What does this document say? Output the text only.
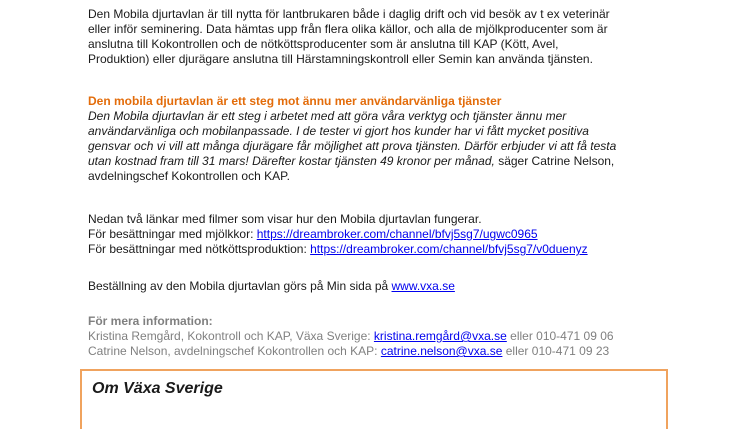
Den Mobila djurtavlan är till nytta för lantbrukaren både i daglig drift och vid besök av t ex veterinär

eller inför seminering. Data hämtas upp från flera olika källor, och alla de mjölkproducenter som är

anslutna till Kokontrollen och de nötköttsproducenter som är anslutna till KAP (Kött, Avel,

Produktion) eller djurägare anslutna till Härstamningskontroll eller Semin kan använda tjänsten.

Den mobila djurtavlan är ett steg mot ännu mer användarvänliga tjänster

Den Mobila djurtavlan är ett steg i arbetet med att göra våra verktyg och tjänster ännu mer

användarvänliga och mobilanpassade. I de tester vi gjort hos kunder har vi fått mycket positiva

gensvar och vi vill att många djurägare får möjlighet att prova tjänsten. Därför erbjuder vi att få testa

utan kostnad fram till 31 mars! Därefter kostar tjänsten 49 kronor per månad, säger Catrine Nelson,

avdelningschef Kokontrollen och KAP.

Nedan två länkar med filmer som visar hur den Mobila djurtavlan fungerar.

För besättningar med mjölkkor: https://dreambroker.com/channel/bfvj5sg7/ugwc0965

För besättningar med nötköttsproduktion: https://dreambroker.com/channel/bfvj5sg7/v0duenyz

Beställning av den Mobila djurtavlan görs på Min sida på www.vxa.se

För mera information:

Kristina Remgård, Kokontroll och KAP, Växa Sverige: kristina.remgård@vxa.se eller 010-471 09 06

Catrine Nelson, avdelningschef Kokontrollen och KAP: catrine.nelson@vxa.se eller 010-471 09 23

Om Växa Sverige
